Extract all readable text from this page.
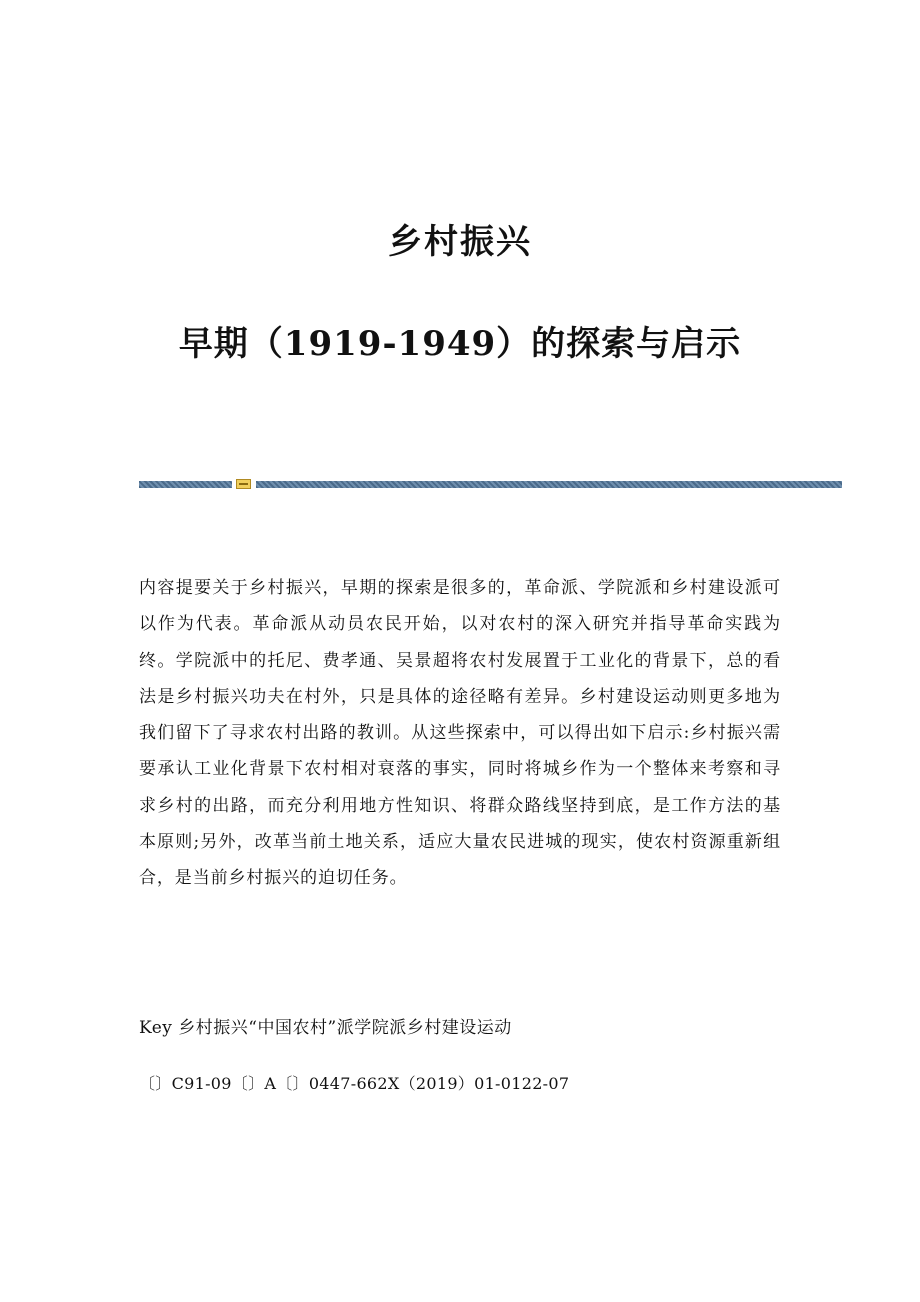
乡村振兴
早期（1919-1949）的探索与启示
内容提要关于乡村振兴，早期的探索是很多的，革命派、学院派和乡村建设派可以作为代表。革命派从动员农民开始，以对农村的深入研究并指导革命实践为终。学院派中的托尼、费孝通、吴景超将农村发展置于工业化的背景下，总的看法是乡村振兴功夫在村外，只是具体的途径略有差异。乡村建设运动则更多地为我们留下了寻求农村出路的教训。从这些探索中，可以得出如下启示:乡村振兴需要承认工业化背景下农村相对衰落的事实，同时将城乡作为一个整体来考察和寻求乡村的出路，而充分利用地方性知识、将群众路线坚持到底，是工作方法的基本原则;另外，改革当前土地关系，适应大量农民进城的现实，使农村资源重新组合，是当前乡村振兴的迫切任务。
Key 乡村振兴“中国农村”派学院派乡村建设运动
〔〕C91-09〔〕A〔〕0447-662X（2019）01-0122-07
